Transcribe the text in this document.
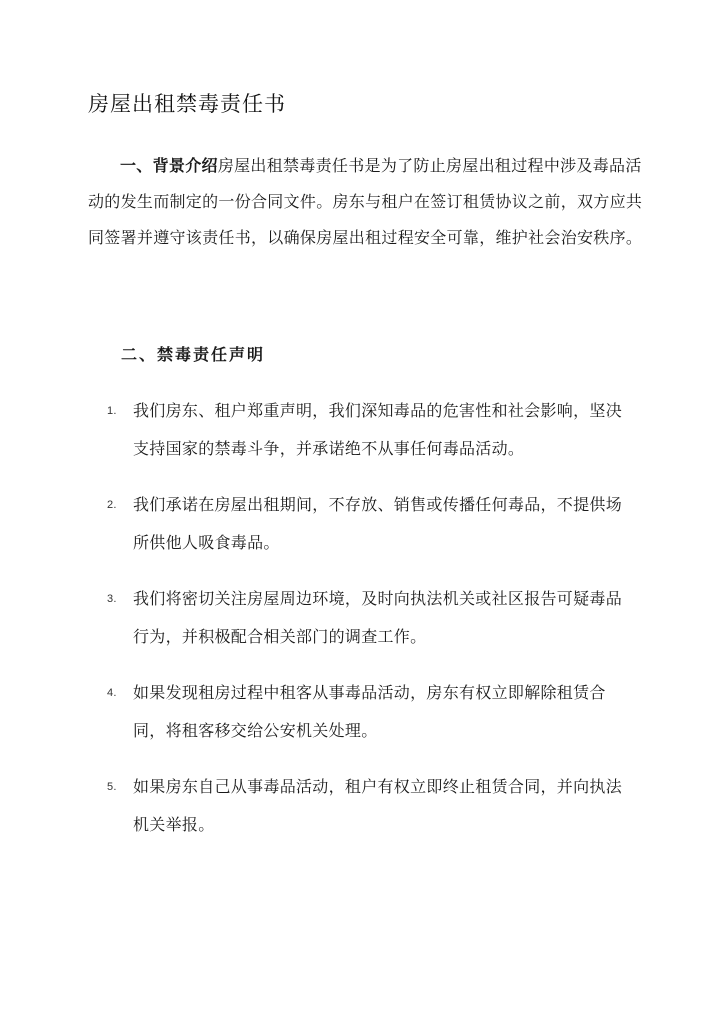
房屋出租禁毒责任书
一、背景介绍房屋出租禁毒责任书是为了防止房屋出租过程中涉及毒品活动的发生而制定的一份合同文件。房东与租户在签订租赁协议之前，双方应共同签署并遵守该责任书，以确保房屋出租过程安全可靠，维护社会治安秩序。
二、禁毒责任声明
1. 我们房东、租户郑重声明，我们深知毒品的危害性和社会影响，坚决支持国家的禁毒斗争，并承诺绝不从事任何毒品活动。
2. 我们承诺在房屋出租期间，不存放、销售或传播任何毒品，不提供场所供他人吸食毒品。
3. 我们将密切关注房屋周边环境，及时向执法机关或社区报告可疑毒品行为，并积极配合相关部门的调查工作。
4. 如果发现租房过程中租客从事毒品活动，房东有权立即解除租赁合同，将租客移交给公安机关处理。
5. 如果房东自己从事毒品活动，租户有权立即终止租赁合同，并向执法机关举报。
